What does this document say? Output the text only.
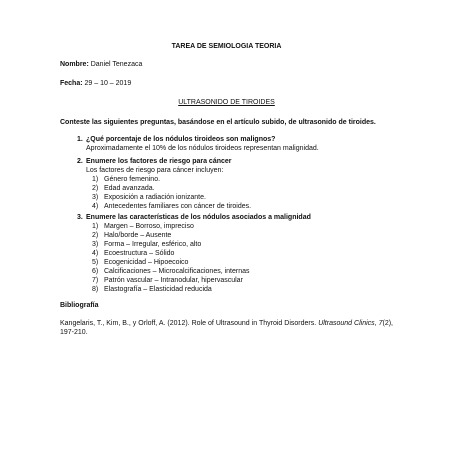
TAREA DE SEMIOLOGIA TEORIA
Nombre: Daniel Tenezaca
Fecha: 29 – 10 – 2019
ULTRASONIDO DE TIROIDES
Conteste las siguientes preguntas, basándose en el artículo subido, de ultrasonido de tiroides.
1. ¿Qué porcentaje de los nódulos tiroideos son malignos?
Aproximadamente el 10% de los nódulos tiroideos representan malignidad.
2. Enumere los factores de riesgo para cáncer
Los factores de riesgo para cáncer incluyen:
1) Género femenino.
2) Edad avanzada.
3) Exposición a radiación ionizante.
4) Antecedentes familiares con cáncer de tiroides.
3. Enumere las características de los nódulos asociados a malignidad
1) Margen – Borroso, impreciso
2) Halo/borde – Ausente
3) Forma – Irregular, esférico, alto
4) Ecoestructura – Sólido
5) Ecogenicidad – Hipoecoico
6) Calcificaciones – Microcalcificaciones, internas
7) Patrón vascular – Intranodular, hipervascular
8) Elastografía – Elasticidad reducida
Bibliografía
Kangelaris, T., Kim, B., y Orloff, A. (2012). Role of Ultrasound in Thyroid Disorders. Ultrasound Clinics, 7(2), 197-210.
